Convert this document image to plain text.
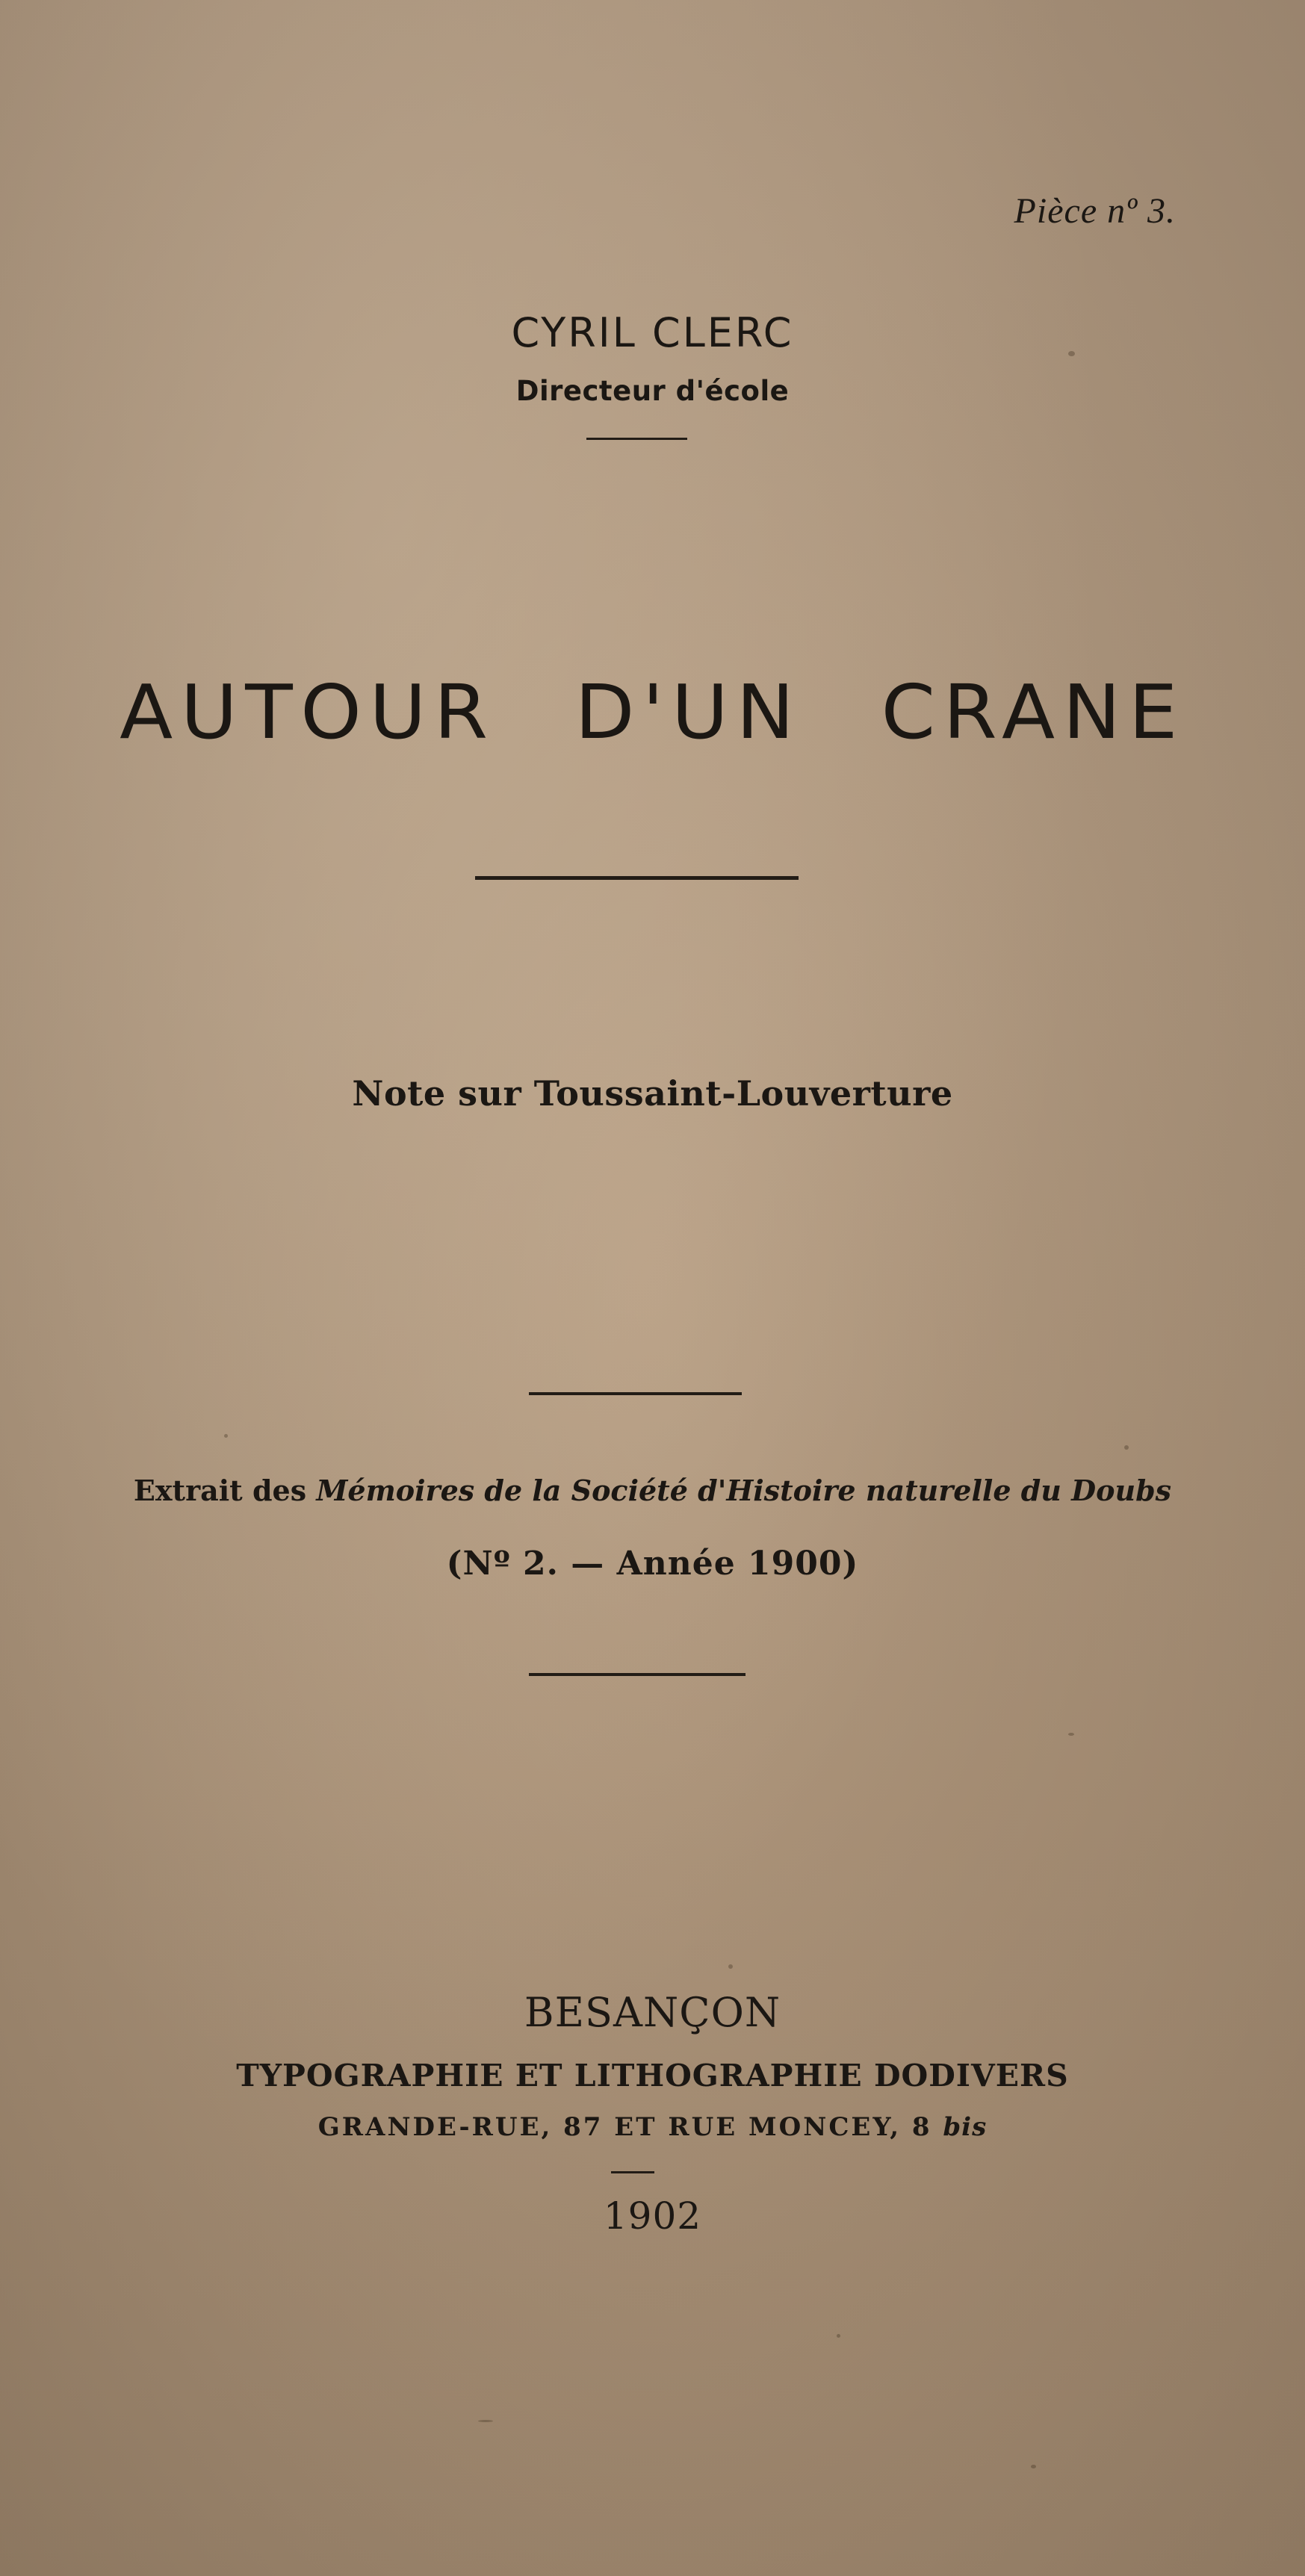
Pièce nº 3.
CYRIL CLERC
Directeur d'école
AUTOUR D'UN CRANE
Note sur Toussaint-Louverture
Extrait des Mémoires de la Société d'Histoire naturelle du Doubs
(Nº 2. — Année 1900)
BESANÇON
TYPOGRAPHIE ET LITHOGRAPHIE DODIVERS
GRANDE-RUE, 87 ET RUE MONCEY, 8 bis
1902
